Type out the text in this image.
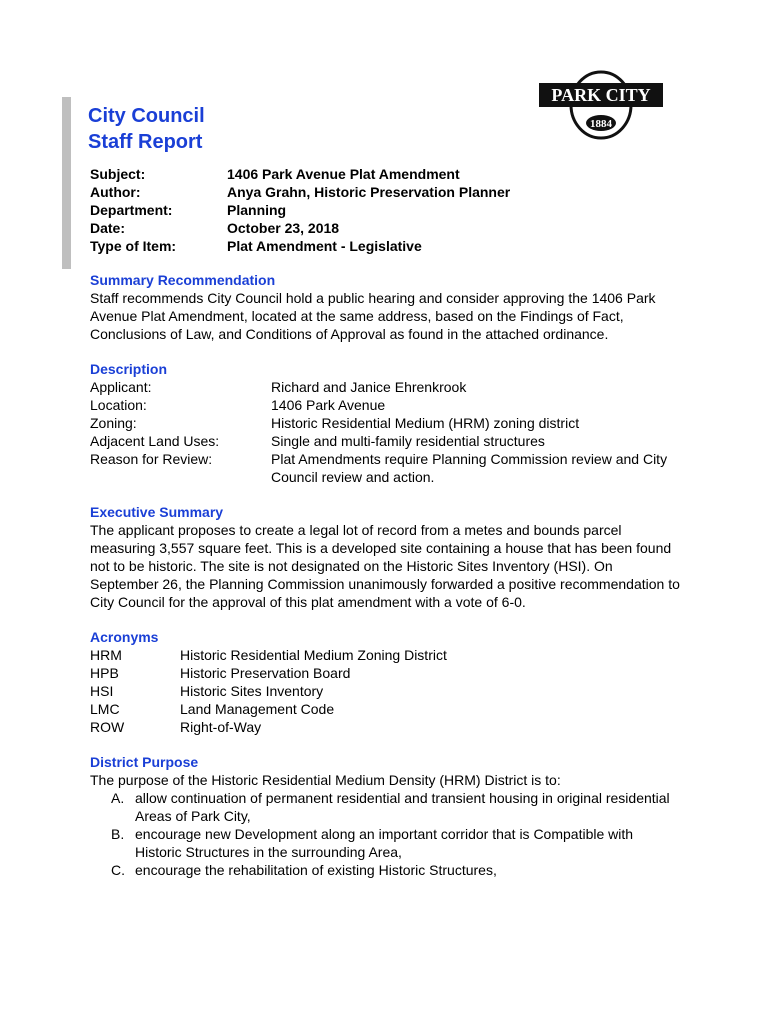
PARK CITY
1884
City Council
Staff Report
Subject:	1406 Park Avenue Plat Amendment
Author:	Anya Grahn, Historic Preservation Planner
Department:	Planning
Date:	October 23, 2018
Type of Item:	Plat Amendment - Legislative
Summary Recommendation

Staff recommends City Council hold a public hearing and consider approving the 1406 Park Avenue Plat Amendment, located at the same address, based on the Findings of Fact, Conclusions of Law, and Conditions of Approval as found in the attached ordinance.

Description
Applicant:	Richard and Janice Ehrenkrook
Location:	1406 Park Avenue
Zoning:	Historic Residential Medium (HRM) zoning district
Adjacent Land Uses:	Single and multi-family residential structures
Reason for Review:	Plat Amendments require Planning Commission review and City Council review and action.
Executive Summary

The applicant proposes to create a legal lot of record from a metes and bounds parcel measuring 3,557 square feet. This is a developed site containing a house that has been found not to be historic. The site is not designated on the Historic Sites Inventory (HSI). On September 26, the Planning Commission unanimously forwarded a positive recommendation to City Council for the approval of this plat amendment with a vote of 6-0.

Acronyms
HRM	Historic Residential Medium Zoning District
HPB	Historic Preservation Board
HSI	Historic Sites Inventory
LMC	Land Management Code
ROW	Right-of-Way
District Purpose

The purpose of the Historic Residential Medium Density (HRM) District is to:

A. allow continuation of permanent residential and transient housing in original residential Areas of Park City,
B. encourage new Development along an important corridor that is Compatible with Historic Structures in the surrounding Area,
C. encourage the rehabilitation of existing Historic Structures,
